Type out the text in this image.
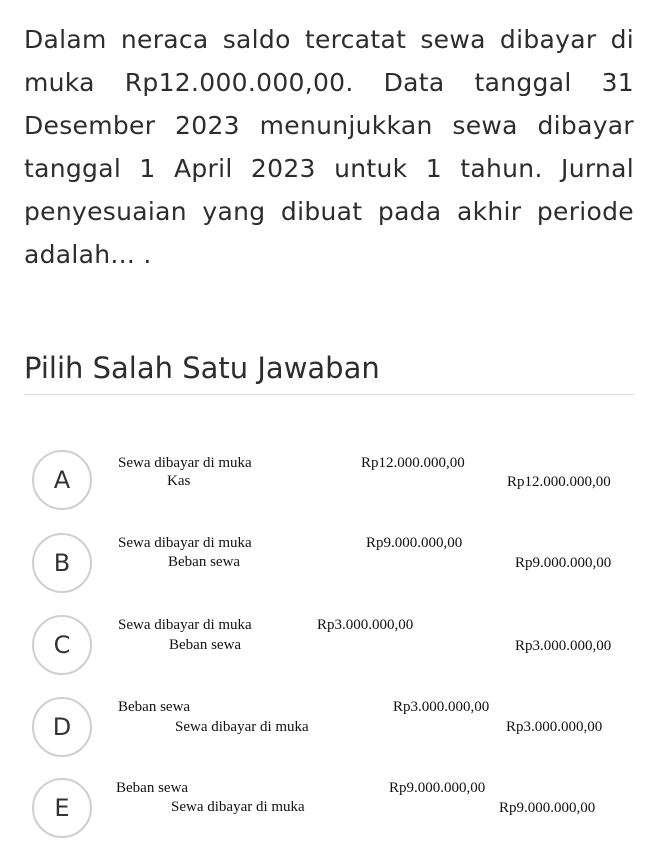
Dalam neraca saldo tercatat sewa dibayar di muka Rp12.000.000,00. Data tanggal 31 Desember 2023 menunjukkan sewa dibayar tanggal 1 April 2023 untuk 1 tahun. Jurnal penyesuaian yang dibuat pada akhir periode adalah... .
Pilih Salah Satu Jawaban
A
Sewa dibayar di muka	Rp12.000.000,00
Kas	Rp12.000.000,00
B
Sewa dibayar di muka	Rp9.000.000,00
Beban sewa	Rp9.000.000,00
C
Sewa dibayar di muka	Rp3.000.000,00
Beban sewa	Rp3.000.000,00
D
Beban sewa	Rp3.000.000,00
Sewa dibayar di muka	Rp3.000.000,00
E
Beban sewa	Rp9.000.000,00
Sewa dibayar di muka	Rp9.000.000,00
